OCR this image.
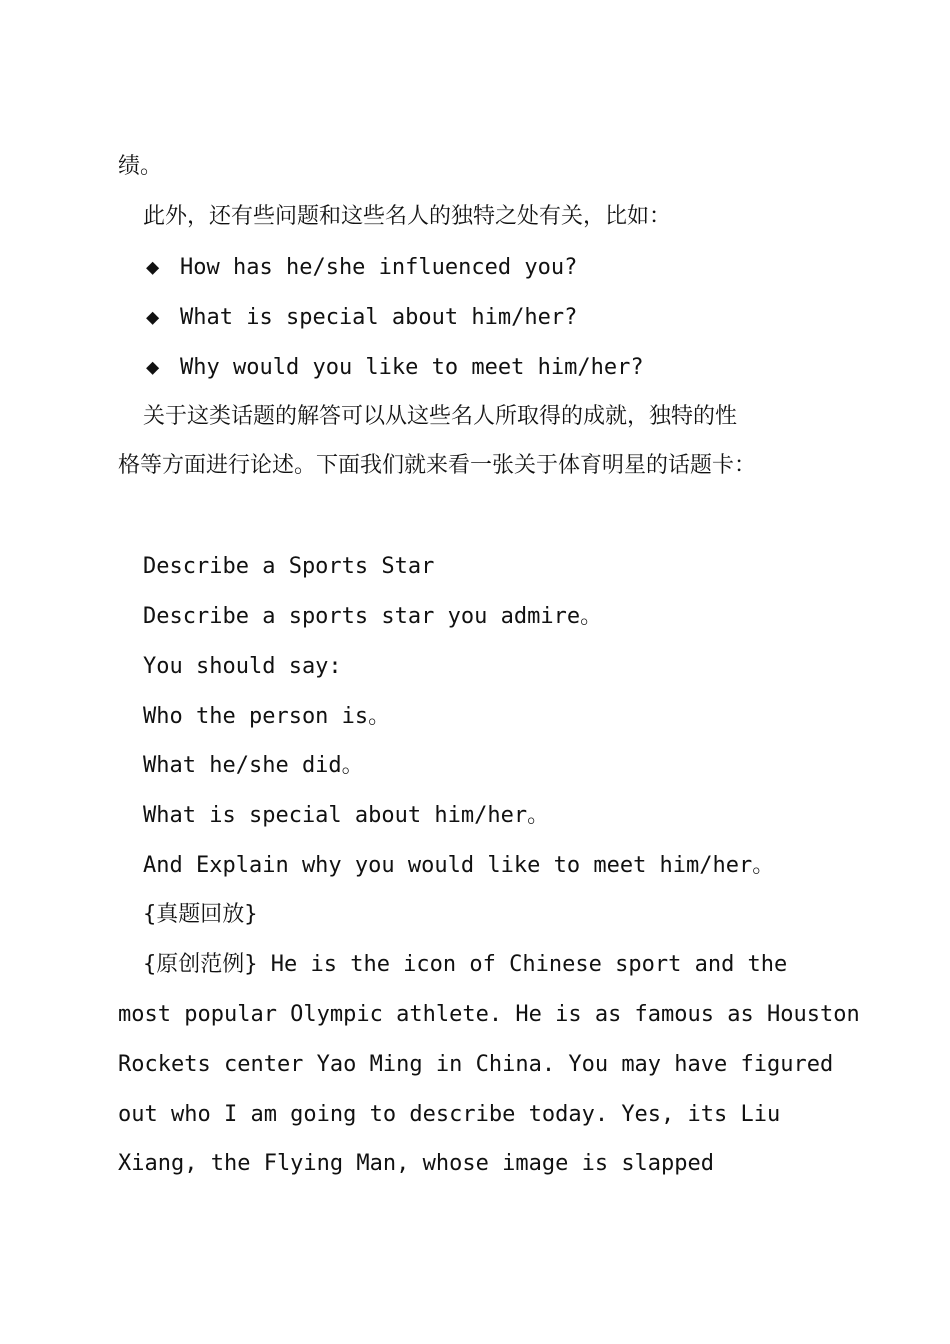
绩。
此外，还有些问题和这些名人的独特之处有关，比如：
◆ How has he/she influenced you?
◆ What is special about him/her?
◆ Why would you like to meet him/her?
关于这类话题的解答可以从这些名人所取得的成就，独特的性
格等方面进行论述。下面我们就来看一张关于体育明星的话题卡：
Describe a Sports Star
Describe a sports star you admire。
You should say:
Who the person is。
What he/she did。
What is special about him/her。
And Explain why you would like to meet him/her。
{真题回放}
{原创范例} He is the icon of Chinese sport and the
most popular Olympic athlete. He is as famous as Houston
Rockets center Yao Ming in China. You may have figured
out who I am going to describe today. Yes, its Liu
Xiang, the Flying Man, whose image is slapped
